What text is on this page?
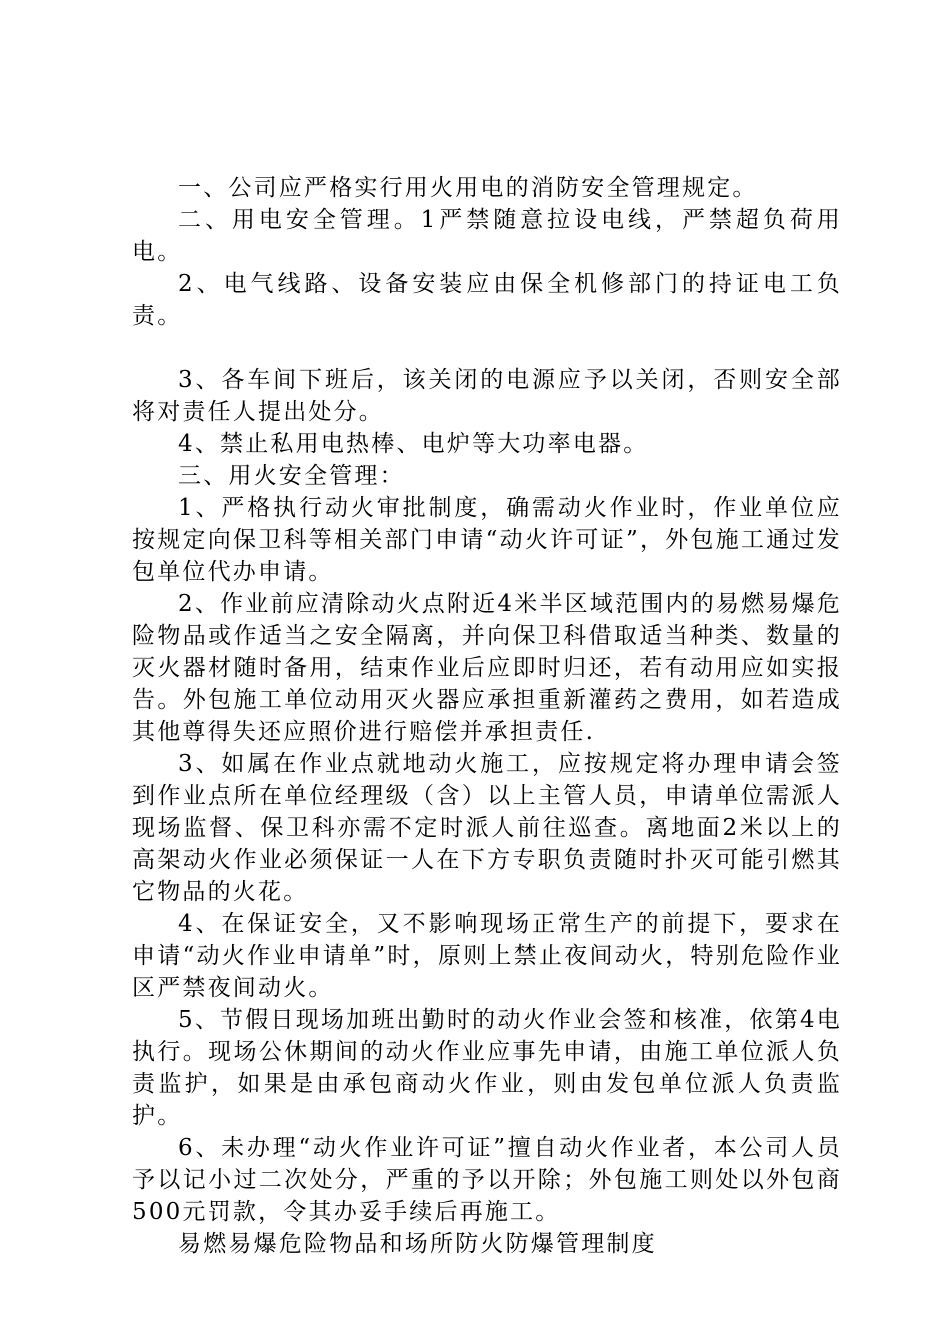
一、公司应严格实行用火用电的消防安全管理规定。

二、用电安全管理。1严禁随意拉设电线，严禁超负荷用电。

2、电气线路、设备安装应由保全机修部门的持证电工负责。

3、各车间下班后，该关闭的电源应予以关闭，否则安全部将对责任人提出处分。

4、禁止私用电热棒、电炉等大功率电器。

三、用火安全管理：

1、严格执行动火审批制度，确需动火作业时，作业单位应按规定向保卫科等相关部门申请“动火许可证”，外包施工通过发包单位代办申请。

2、作业前应清除动火点附近4米半区域范围内的易燃易爆危险物品或作适当之安全隔离，并向保卫科借取适当种类、数量的灭火器材随时备用，结束作业后应即时归还，若有动用应如实报告。外包施工单位动用灭火器应承担重新灌药之费用，如若造成其他尊得失还应照价进行赔偿并承担责任.

3、如属在作业点就地动火施工，应按规定将办理申请会签到作业点所在单位经理级（含）以上主管人员，申请单位需派人现场监督、保卫科亦需不定时派人前往巡查。离地面2米以上的高架动火作业必须保证一人在下方专职负责随时扑灭可能引燃其它物品的火花。

4、在保证安全，又不影响现场正常生产的前提下，要求在申请“动火作业申请单”时，原则上禁止夜间动火，特别危险作业区严禁夜间动火。

5、节假日现场加班出勤时的动火作业会签和核准，依第4电执行。现场公休期间的动火作业应事先申请，由施工单位派人负责监护，如果是由承包商动火作业，则由发包单位派人负责监护。

6、未办理“动火作业许可证”擅自动火作业者，本公司人员予以记小过二次处分，严重的予以开除；外包施工则处以外包商500元罚款，令其办妥手续后再施工。

易燃易爆危险物品和场所防火防爆管理制度
